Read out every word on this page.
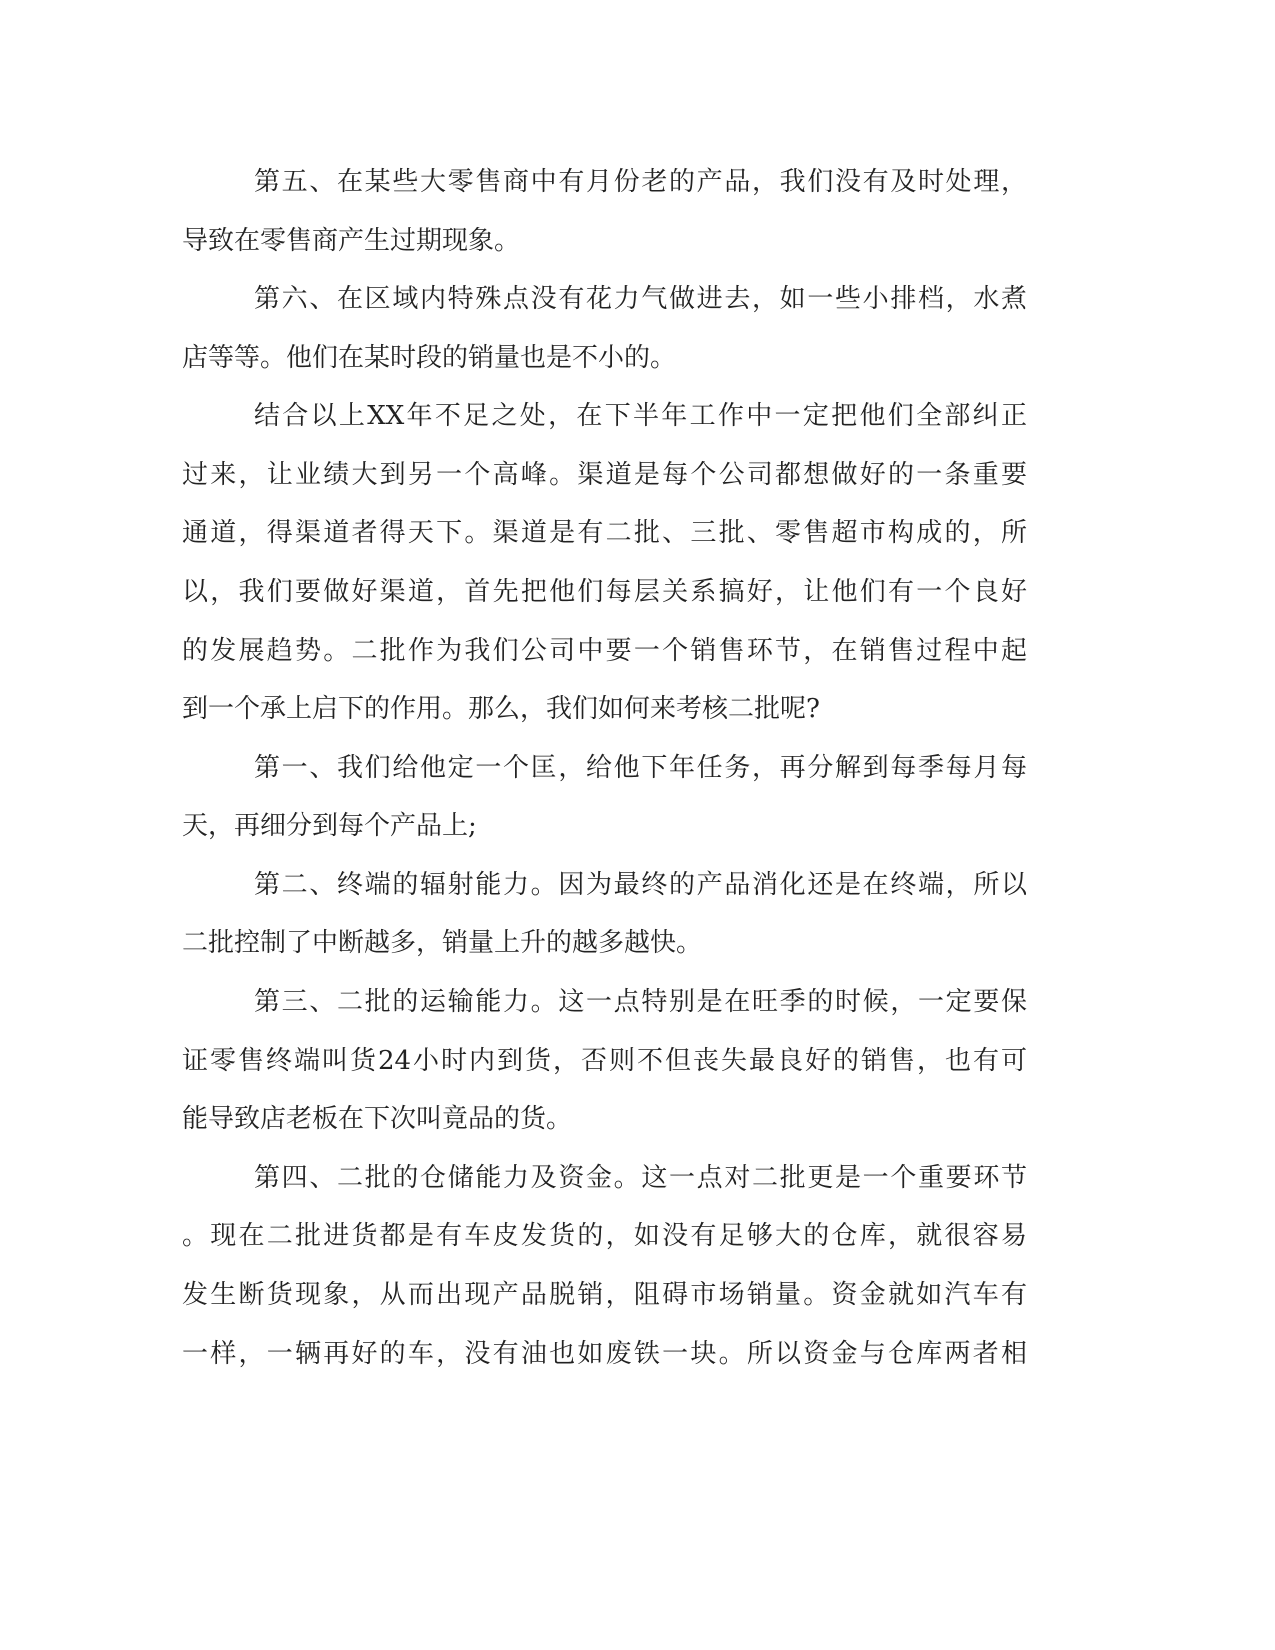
第五、在某些大零售商中有月份老的产品，我们没有及时处理，

导致在零售商产生过期现象。

第六、在区域内特殊点没有花力气做进去，如一些小排档，水煮

店等等。他们在某时段的销量也是不小的。

结合以上XX年不足之处，在下半年工作中一定把他们全部纠正

过来，让业绩大到另一个高峰。渠道是每个公司都想做好的一条重要

通道，得渠道者得天下。渠道是有二批、三批、零售超市构成的，所

以，我们要做好渠道，首先把他们每层关系搞好，让他们有一个良好

的发展趋势。二批作为我们公司中要一个销售环节，在销售过程中起

到一个承上启下的作用。那么，我们如何来考核二批呢?

第一、我们给他定一个匡，给他下年任务，再分解到每季每月每

天，再细分到每个产品上;

第二、终端的辐射能力。因为最终的产品消化还是在终端，所以

二批控制了中断越多，销量上升的越多越快。

第三、二批的运输能力。这一点特别是在旺季的时候，一定要保

证零售终端叫货24小时内到货，否则不但丧失最良好的销售，也有可

能导致店老板在下次叫竟品的货。

第四、二批的仓储能力及资金。这一点对二批更是一个重要环节

。现在二批进货都是有车皮发货的，如没有足够大的仓库，就很容易

发生断货现象，从而出现产品脱销，阻碍市场销量。资金就如汽车有

一样，一辆再好的车，没有油也如废铁一块。所以资金与仓库两者相
